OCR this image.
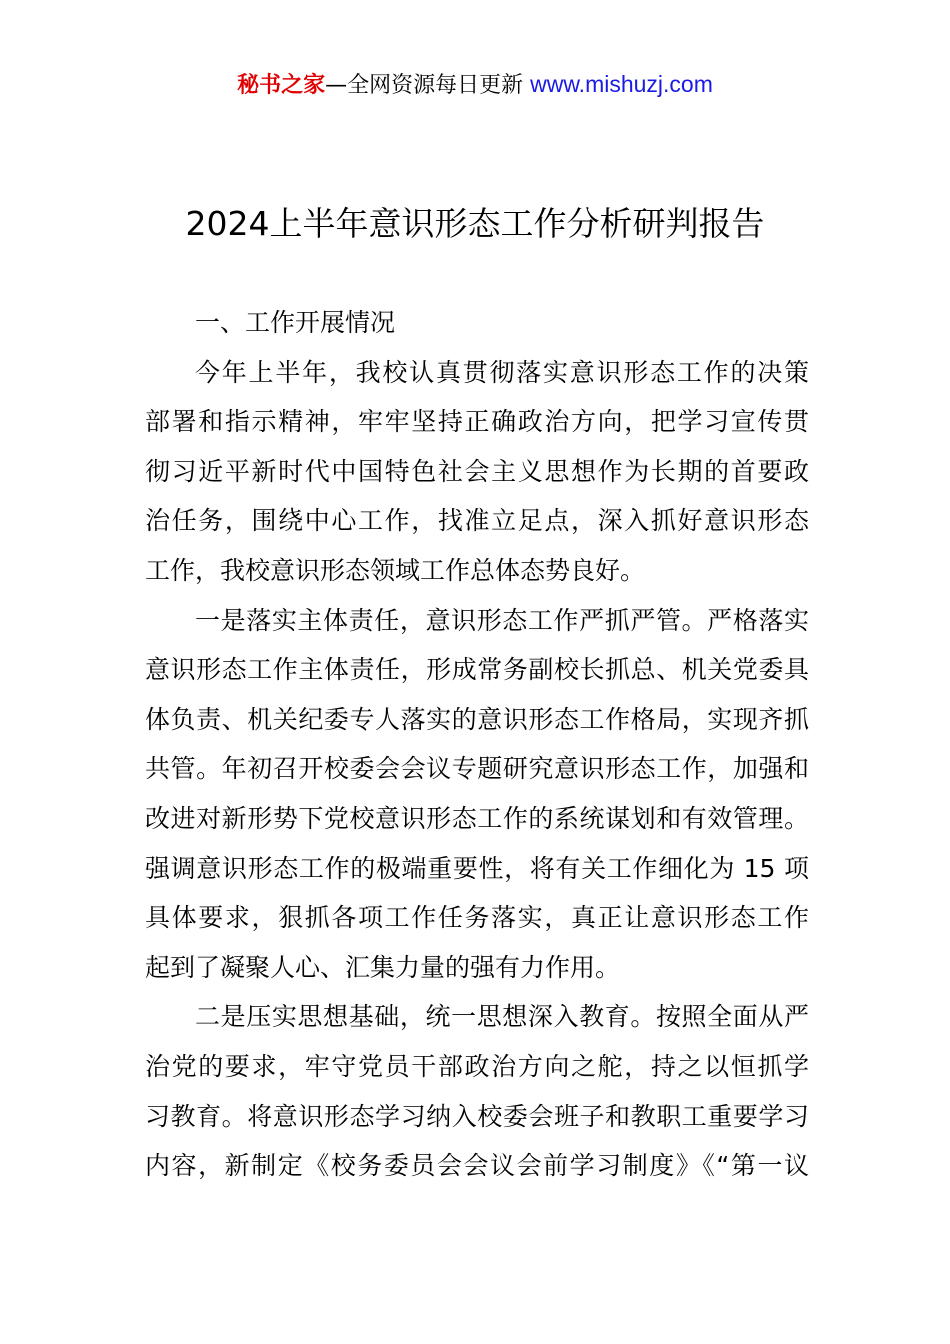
秘书之家—全网资源每日更新 www.mishuzj.com
2024上半年意识形态工作分析研判报告
一、工作开展情况
今年上半年，我校认真贯彻落实意识形态工作的决策
部署和指示精神，牢牢坚持正确政治方向，把学习宣传贯
彻习近平新时代中国特色社会主义思想作为长期的首要政
治任务，围绕中心工作，找准立足点，深入抓好意识形态
工作，我校意识形态领域工作总体态势良好。
一是落实主体责任，意识形态工作严抓严管。严格落实
意识形态工作主体责任，形成常务副校长抓总、机关党委具
体负责、机关纪委专人落实的意识形态工作格局，实现齐抓
共管。年初召开校委会会议专题研究意识形态工作，加强和
改进对新形势下党校意识形态工作的系统谋划和有效管理。
强调意识形态工作的极端重要性，将有关工作细化为 15 项
具体要求，狠抓各项工作任务落实，真正让意识形态工作
起到了凝聚人心、汇集力量的强有力作用。
二是压实思想基础，统一思想深入教育。按照全面从严
治党的要求，牢守党员干部政治方向之舵，持之以恒抓学
习教育。将意识形态学习纳入校委会班子和教职工重要学习
内容，新制定《校务委员会会议会前学习制度》《“第一议
